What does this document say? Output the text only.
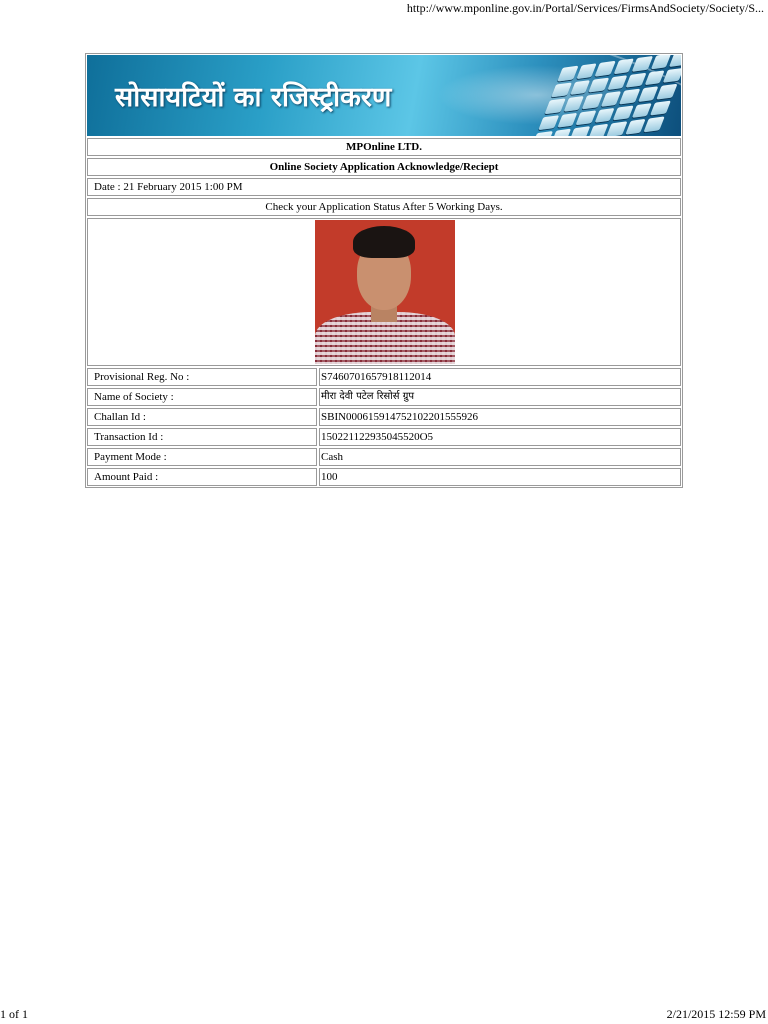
http://www.mponline.gov.in/Portal/Services/FirmsAndSociety/Society/S...
सोसायटियों का रजिस्ट्रीकरण
MPOnline LTD.
Online Society Application Acknowledge/Reciept
Date : 21 February 2015 1:00 PM
Check your Application Status After 5 Working Days.
Provisional Reg. No :	S7460701657918112014
Name of Society :	मीरा देवी पटेल रिसोर्स ग्रुप
Challan Id :	SBIN000615914752102201555926
Transaction Id :	150221122935045520O5
Payment Mode :	Cash
Amount Paid :	100
1 of 1	2/21/2015 12:59 PM
